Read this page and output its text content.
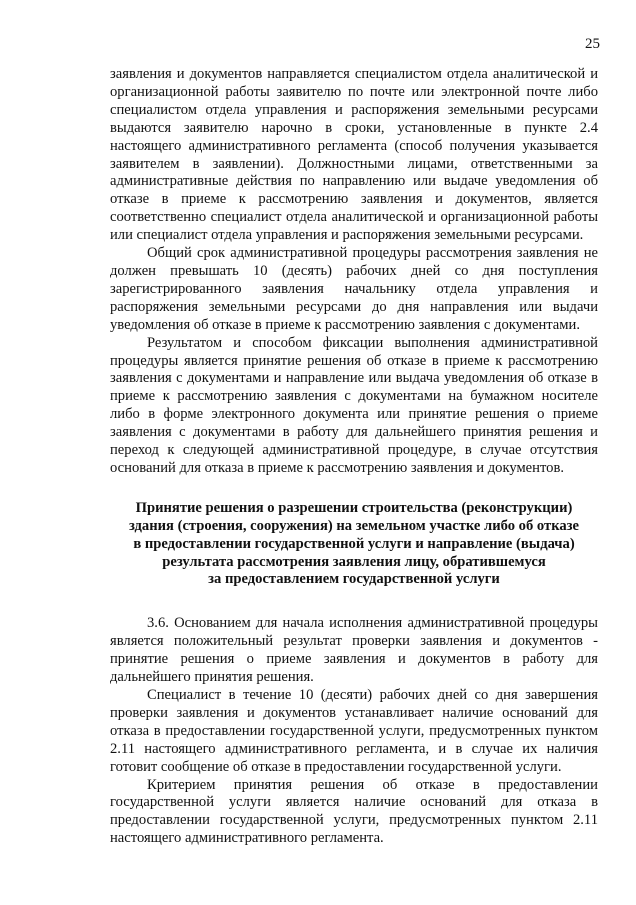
25

заявления и документов направляется специалистом отдела аналитической и организационной работы заявителю по почте или электронной почте либо специалистом отдела управления и распоряжения земельными ресурсами выдаются заявителю нарочно в сроки, установленные в пункте 2.4 настоящего административного регламента (способ получения указывается заявителем в заявлении). Должностными лицами, ответственными за административные действия по направлению или выдаче уведомления об отказе в приеме к рассмотрению заявления и документов, является соответственно специалист отдела аналитической и организационной работы или специалист отдела управления и распоряжения земельными ресурсами.

Общий срок административной процедуры рассмотрения заявления не должен превышать 10 (десять) рабочих дней со дня поступления зарегистрированного заявления начальнику отдела управления и распоряжения земельными ресурсами до дня направления или выдачи уведомления об отказе в приеме к рассмотрению заявления с документами.

Результатом и способом фиксации выполнения административной процедуры является принятие решения об отказе в приеме к рассмотрению заявления с документами и направление или выдача уведомления об отказе в приеме к рассмотрению заявления с документами на бумажном носителе либо в форме электронного документа или принятие решения о приеме заявления с документами в работу для дальнейшего принятия решения и переход к следующей административной процедуре, в случае отсутствия оснований для отказа в приеме к рассмотрению заявления и документов.

Принятие решения о разрешении строительства (реконструкции)
здания (строения, сооружения) на земельном участке либо об отказе
в предоставлении государственной услуги и направление (выдача)
результата рассмотрения заявления лицу, обратившемуся
за предоставлением государственной услуги

3.6. Основанием для начала исполнения административной процедуры является положительный результат проверки заявления и документов - принятие решения о приеме заявления и документов в работу для дальнейшего принятия решения.

Специалист в течение 10 (десяти) рабочих дней со дня завершения проверки заявления и документов устанавливает наличие оснований для отказа в предоставлении государственной услуги, предусмотренных пунктом 2.11 настоящего административного регламента, и в случае их наличия готовит сообщение об отказе в предоставлении государственной услуги.

Критерием принятия решения об отказе в предоставлении государственной услуги является наличие оснований для отказа в предоставлении государственной услуги, предусмотренных пунктом 2.11 настоящего административного регламента.
